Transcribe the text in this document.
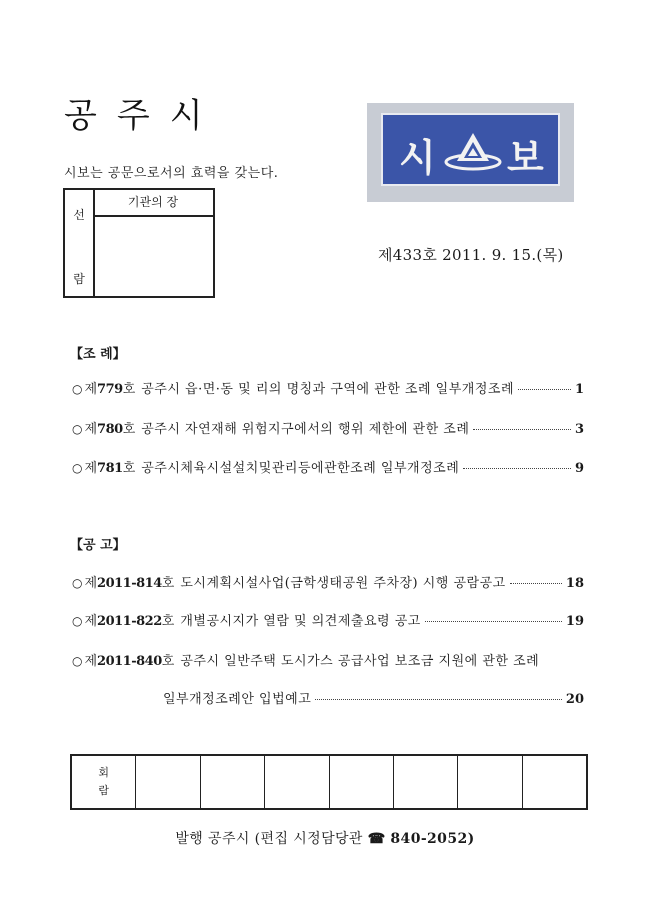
공주시
시보는 공문으로서의 효력을 갖는다.
선
람
기관의 장
시 보
제433호 2011. 9. 15.(목)
【조 례】
○ 제 779 호 공주시 읍·면·동 및 리의 명칭과 구역에 관한 조례 일부개정조례	1
○ 제 780 호 공주시 자연재해 위험지구에서의 행위 제한에 관한 조례	3
○ 제 781 호 공주시체육시설설치및관리등에관한조례 일부개정조례	9
【공 고】
○ 제 2011-814 호 도시계획시설사업(금학생태공원 주차장) 시행 공람공고	18
○ 제 2011-822 호 개별공시지가 열람 및 의견제출요령 공고	19
○ 제 2011-840 호 공주시 일반주택 도시가스 공급사업 보조금 지원에 관한 조례
일부개정조례안 입법예고	20
회
람
발행 공주시 (편집 시정담당관 ☎ 840-2052)
